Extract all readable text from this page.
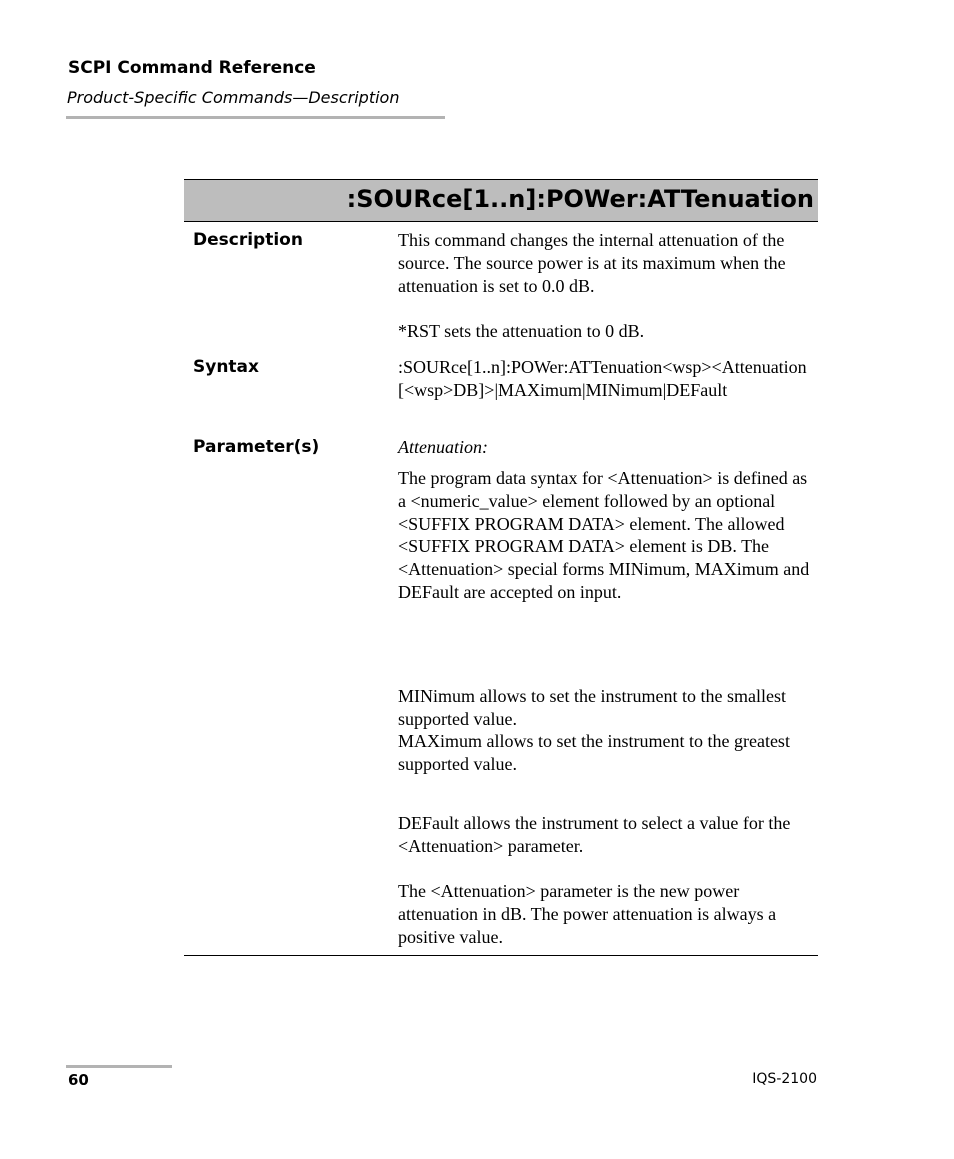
SCPI Command Reference
Product-Specific Commands—Description
:SOURce[1..n]:POWer:ATTenuation
Description	This command changes the internal attenuation of the source. The source power is at its maximum when the attenuation is set to 0.0 dB.
*RST sets the attenuation to 0 dB.
Syntax	:SOURce[1..n]:POWer:ATTenuation<wsp><Attenuation[<wsp>DB]>|MAXimum|MINimum|DEFault
Parameter(s)	Attenuation:
The program data syntax for <Attenuation> is defined as a <numeric_value> element followed by an optional <SUFFIX PROGRAM DATA> element. The allowed <SUFFIX PROGRAM DATA> element is DB. The <Attenuation> special forms MINimum, MAXimum and DEFault are accepted on input.
MINimum allows to set the instrument to the smallest supported value.
MAXimum allows to set the instrument to the greatest supported value.
DEFault allows the instrument to select a value for the <Attenuation> parameter.
The <Attenuation> parameter is the new power attenuation in dB. The power attenuation is always a positive value.
60	IQS-2100
